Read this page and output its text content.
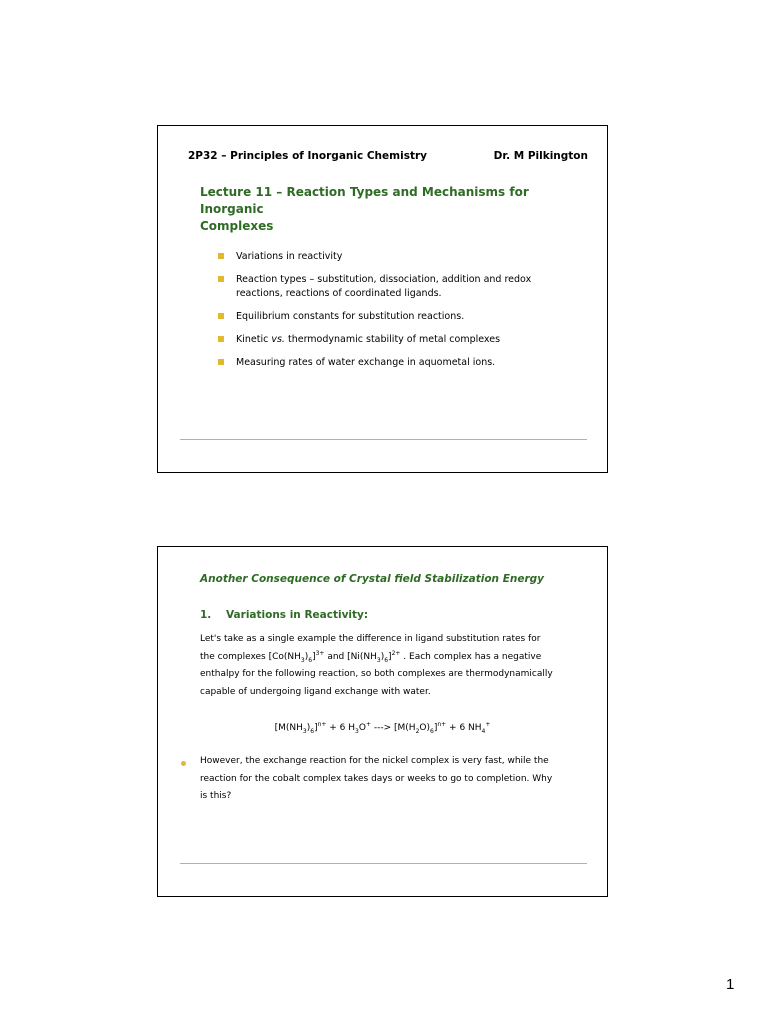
2P32 – Principles of Inorganic Chemistry	Dr. M Pilkington
Lecture 11 – Reaction Types and Mechanisms for Inorganic
Complexes
Variations in reactivity
Reaction types – substitution, dissociation, addition and redox reactions, reactions of coordinated ligands.
Equilibrium constants for substitution reactions.
Kinetic vs. thermodynamic stability of metal complexes
Measuring rates of water exchange in aquometal ions.
Another Consequence of Crystal field Stabilization Energy
1. Variations in Reactivity:
Let's take as a single example the difference in ligand substitution rates for
the complexes $[Co(NH_3)_6]^{3+}$ and $[Ni(NH_3)_6]^{2+}$ . Each complex has a negative
enthalpy for the following reaction, so both complexes are thermodynamically
capable of undergoing ligand exchange with water.
$[M(NH_3)_6]^{n+} + 6$ $H_3O^+$ ---> $[M(H_2O)_6]^{n+} + 6$ $NH_4^+$
However, the exchange reaction for the nickel complex is very fast, while the
reaction for the cobalt complex takes days or weeks to go to completion. Why
is this?
1
